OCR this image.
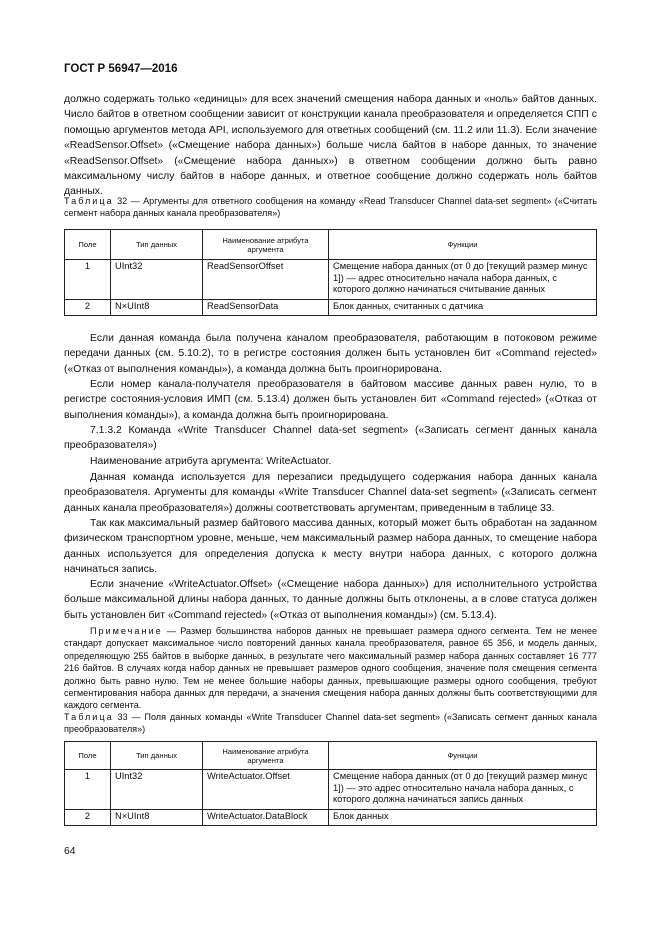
ГОСТ Р 56947—2016

должно содержать только «единицы» для всех значений смещения набора данных и «ноль» байтов данных. Число байтов в ответном сообщении зависит от конструкции канала преобразователя и определяется СПП с помощью аргументов метода API, используемого для ответных сообщений (см. 11.2 или 11.3). Если значение «ReadSensor.Offset» («Смещение набора данных») больше числа байтов в наборе данных, то значение «ReadSensor.Offset» («Смещение набора данных») в ответном сообщении должно быть равно максимальному числу байтов в наборе данных, и ответное сообщение должно содержать ноль байтов данных.

Таблица 32 — Аргументы для ответного сообщения на команду «Read Transducer Channel data-set segment» («Считать сегмент набора данных канала преобразователя»)

Поле	Тип данных	Наименование атрибута аргумента	Функции
1	UInt32	ReadSensorOffset	Смещение набора данных (от 0 до [текущий размер минус 1]) — адрес относительно начала набора данных, с которого должно начинаться считывание данных
2	N×UInt8	ReadSensorData	Блок данных, считанных с датчика

Если данная команда была получена каналом преобразователя, работающим в потоковом режиме передачи данных (см. 5.10.2), то в регистре состояния должен быть установлен бит «Command rejected» («Отказ от выполнения команды»), а команда должна быть проигнорирована.

Если номер канала-получателя преобразователя в байтовом массиве данных равен нулю, то в регистре состояния-условия ИМП (см. 5.13.4) должен быть установлен бит «Command rejected» («Отказ от выполнения команды»), а команда должна быть проигнорирована.

7.1.3.2 Команда «Write Transducer Channel data-set segment» («Записать сегмент данных канала преобразователя»)

Наименование атрибута аргумента: WriteActuator.

Данная команда используется для перезаписи предыдущего содержания набора данных канала преобразователя. Аргументы для команды «Write Transducer Channel data-set segment» («Записать сегмент данных канала преобразователя») должны соответствовать аргументам, приведенным в таблице 33.

Так как максимальный размер байтового массива данных, который может быть обработан на заданном физическом транспортном уровне, меньше, чем максимальный размер набора данных, то смещение набора данных используется для определения допуска к месту внутри набора данных, с которого должна начинаться запись.

Если значение «WriteActuator.Offset» («Смещение набора данных») для исполнительного устройства больше максимальной длины набора данных, то данные должны быть отклонены, а в слове статуса должен быть установлен бит «Command rejected» («Отказ от выполнения команды») (см. 5.13.4).

Примечание — Размер большинства наборов данных не превышает размера одного сегмента. Тем не менее стандарт допускает максимальное число повторений данных канала преобразователя, равное 65 356, и модель данных, определяющую 255 байтов в выборке данных, в результате чего максимальный размер набора данных составляет 16 777 216 байтов. В случаях когда набор данных не превышает размеров одного сообщения, значение поля смещения сегмента должно быть равно нулю. Тем не менее большие наборы данных, превышающие размеры одного сообщения, требуют сегментирования набора данных для передачи, а значения смещения набора данных должны быть соответствующими для каждого сегмента.

Таблица 33 — Поля данных команды «Write Transducer Channel data-set segment» («Записать сегмент данных канала преобразователя»)

Поле	Тип данных	Наименование атрибута аргумента	Функции
1	UInt32	WriteActuator.Offset	Смещение набора данных (от 0 до [текущий размер минус 1]) — это адрес относительно начала набора данных, с которого должна начинаться запись данных
2	N×UInt8	WriteActuator.DataBlock	Блок данных
64
